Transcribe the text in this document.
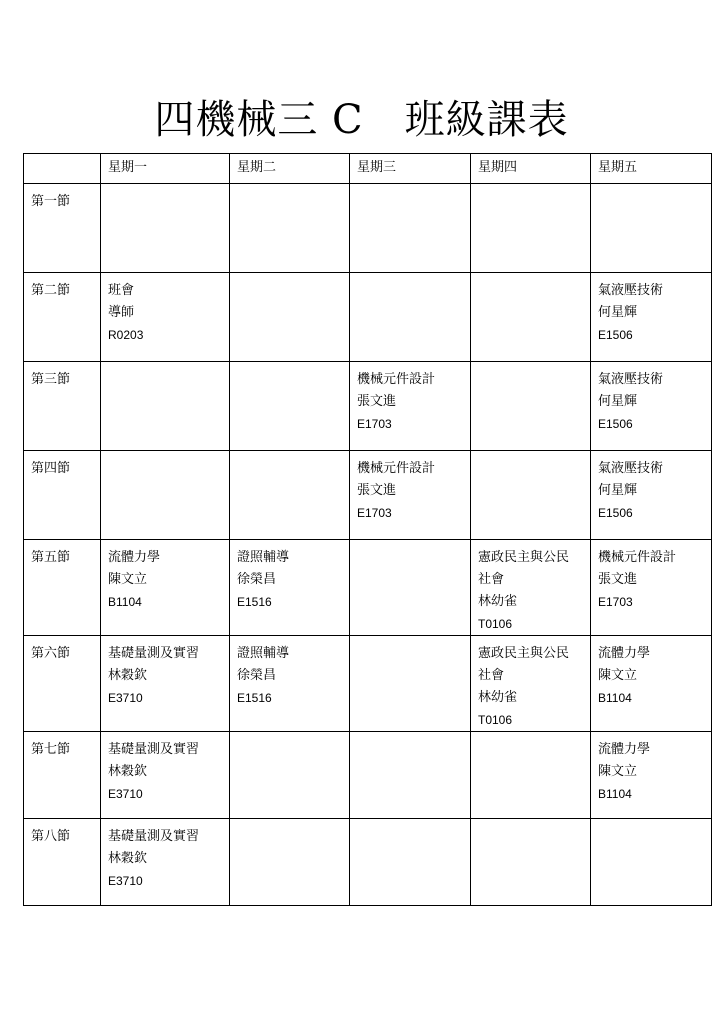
四機械三 C　班級課表
	星期一	星期二	星期三	星期四	星期五
第一節					
第二節	班會
導師
R0203				氣液壓技術
何星輝
E1506

第三節			機械元件設計
張文進
E1703		氣液壓技術
何星輝
E1506

第四節			機械元件設計
張文進
E1703		氣液壓技術
何星輝
E1506

第五節	流體力學
陳文立
B1104	證照輔導
徐榮昌
E1516		憲政民主與公民
社會
林幼雀
T0106	機械元件設計
張文進
E1703

第六節	基礎量測及實習
林穀欽
E3710	證照輔導
徐榮昌
E1516		憲政民主與公民
社會
林幼雀
T0106	流體力學
陳文立
B1104

第七節	基礎量測及實習
林穀欽
E3710				流體力學
陳文立
B1104

第八節	基礎量測及實習
林穀欽
E3710				
